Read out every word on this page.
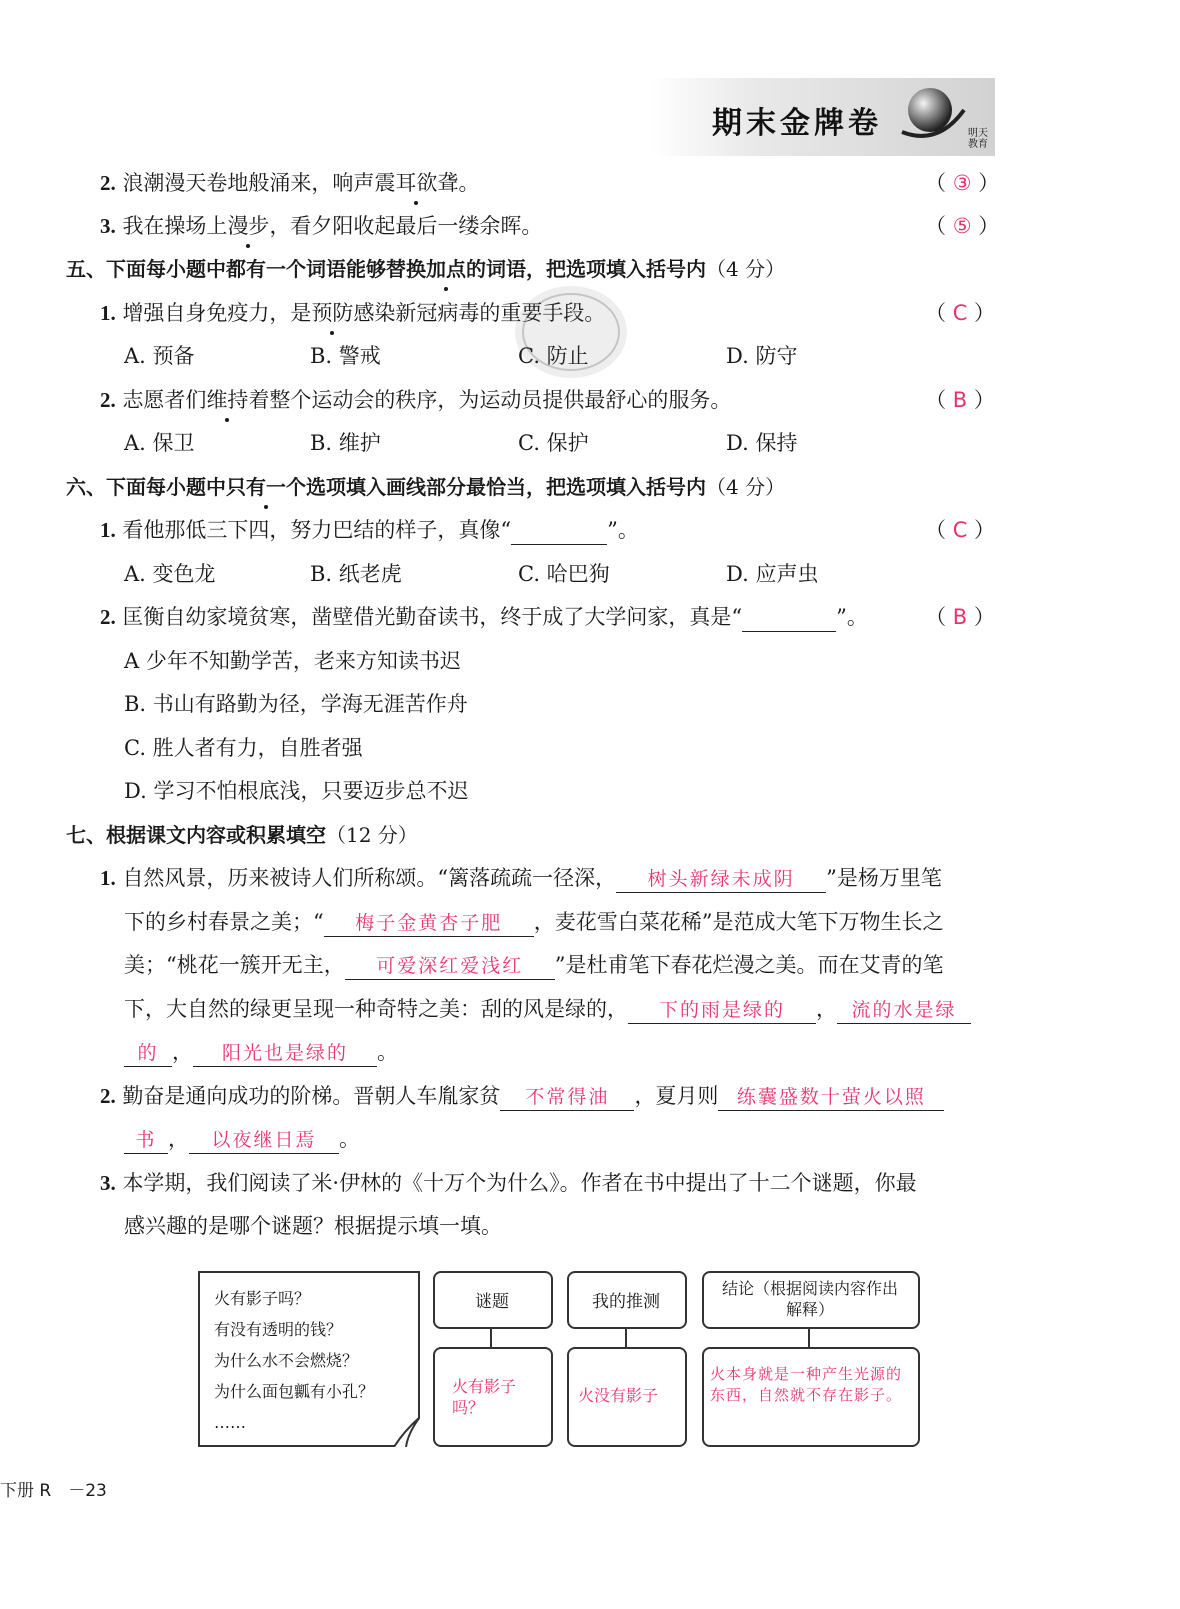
期末金牌卷	明天教育
2. 浪潮漫天卷地般涌来，响声震耳欲聋。	（ ③ ）
3. 我在操场上漫步，看夕阳收起最后一缕余晖。	（ ⑤ ）
五、下面每小题中都有一个词语能够替换加点的词语，把选项填入括号内（4 分）
1. 增强自身免疫力，是预防感染新冠病毒的重要手段。	（ C ）
A. 预备	B. 警戒	C. 防止	D. 防守
2. 志愿者们维持着整个运动会的秩序，为运动员提供最舒心的服务。	（ B ）
A. 保卫	B. 维护	C. 保护	D. 保持
六、下面每小题中只有一个选项填入画线部分最恰当，把选项填入括号内（4 分）
1. 看他那低三下四，努力巴结的样子，真像“	”。	（ C ）
A. 变色龙	B. 纸老虎	C. 哈巴狗	D. 应声虫
2. 匡衡自幼家境贫寒，凿壁借光勤奋读书，终于成了大学问家，真是“	”。	（ B ）
A 少年不知勤学苦，老来方知读书迟
B. 书山有路勤为径，学海无涯苦作舟
C. 胜人者有力，自胜者强
D. 学习不怕根底浅，只要迈步总不迟
七、根据课文内容或积累填空（12 分）
1. 自然风景，历来被诗人们所称颂。“篱落疏疏一径深， 树头新绿未成阴 ”是杨万里笔
下的乡村春景之美；“ 梅子金黄杏子肥 ，麦花雪白菜花稀”是范成大笔下万物生长之
美；“桃花一簇开无主， 可爱深红爱浅红 ”是杜甫笔下春花烂漫之美。而在艾青的笔
下，大自然的绿更呈现一种奇特之美：刮的风是绿的， 下的雨是绿的 ， 流的水是绿
的 ， 阳光也是绿的 。
2. 勤奋是通向成功的阶梯。晋朝人车胤家贫 不常得油 ，夏月则 练囊盛数十萤火以照
书 ， 以夜继日焉 。
3. 本学期，我们阅读了米·伊林的《十万个为什么》。作者在书中提出了十二个谜题，你最
感兴趣的是哪个谜题？根据提示填一填。
火有影子吗？
有没有透明的钱？
为什么水不会燃烧？
为什么面包瓤有小孔？
……
谜题	我的推测
结论（根据阅读内容作出解释）
火有影子吗？
火没有影子
火本身就是一种产生光源的东西，自然就不存在影子。
下册 R　－23
